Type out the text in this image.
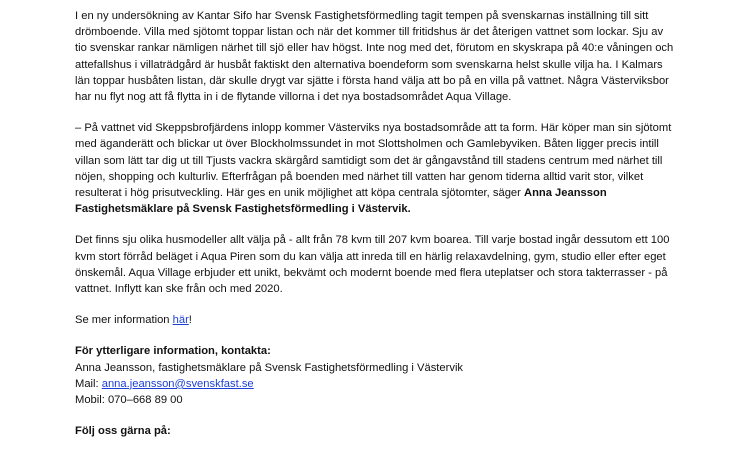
I en ny undersökning av Kantar Sifo har Svensk Fastighetsförmedling tagit tempen på svenskarnas inställning till sitt drömboende. Villa med sjötomt toppar listan och när det kommer till fritidshus är det återigen vattnet som lockar. Sju av tio svenskar rankar nämligen närhet till sjö eller hav högst. Inte nog med det, förutom en skyskrapa på 40:e våningen och attefallshus i villaträdgård är husbåt faktiskt den alternativa boendeform som svenskarna helst skulle vilja ha. I Kalmars län toppar husbåten listan, där skulle drygt var sjätte i första hand välja att bo på en villa på vattnet. Några Västerviksbor har nu flyt nog att få flytta in i de flytande villorna i det nya bostadsområdet Aqua Village.

– På vattnet vid Skeppsbrofjärdens inlopp kommer Västerviks nya bostadsområde att ta form. Här köper man sin sjötomt med äganderätt och blickar ut över Blockholmssundet in mot Slottsholmen och Gamlebyviken. Båten ligger precis intill villan som lätt tar dig ut till Tjusts vackra skärgård samtidigt som det är gångavstånd till stadens centrum med närhet till nöjen, shopping och kulturliv. Efterfrågan på boenden med närhet till vatten har genom tiderna alltid varit stor, vilket resulterat i hög prisutveckling. Här ges en unik möjlighet att köpa centrala sjötomter, säger Anna Jeansson Fastighetsmäklare på Svensk Fastighetsförmedling i Västervik.

Det finns sju olika husmodeller allt välja på - allt från 78 kvm till 207 kvm boarea. Till varje bostad ingår dessutom ett 100 kvm stort förråd beläget i Aqua Piren som du kan välja att inreda till en härlig relaxavdelning, gym, studio eller efter eget önskemål. Aqua Village erbjuder ett unikt, bekvämt och modernt boende med flera uteplatser och stora takterrasser - på vattnet. Inflytt kan ske från och med 2020.

Se mer information här!

För ytterligare information, kontakta:
Anna Jeansson, fastighetsmäklare på Svensk Fastighetsförmedling i Västervik
Mail: anna.jeansson@svenskfast.se
Mobil: 070–668 89 00

Följ oss gärna på:
